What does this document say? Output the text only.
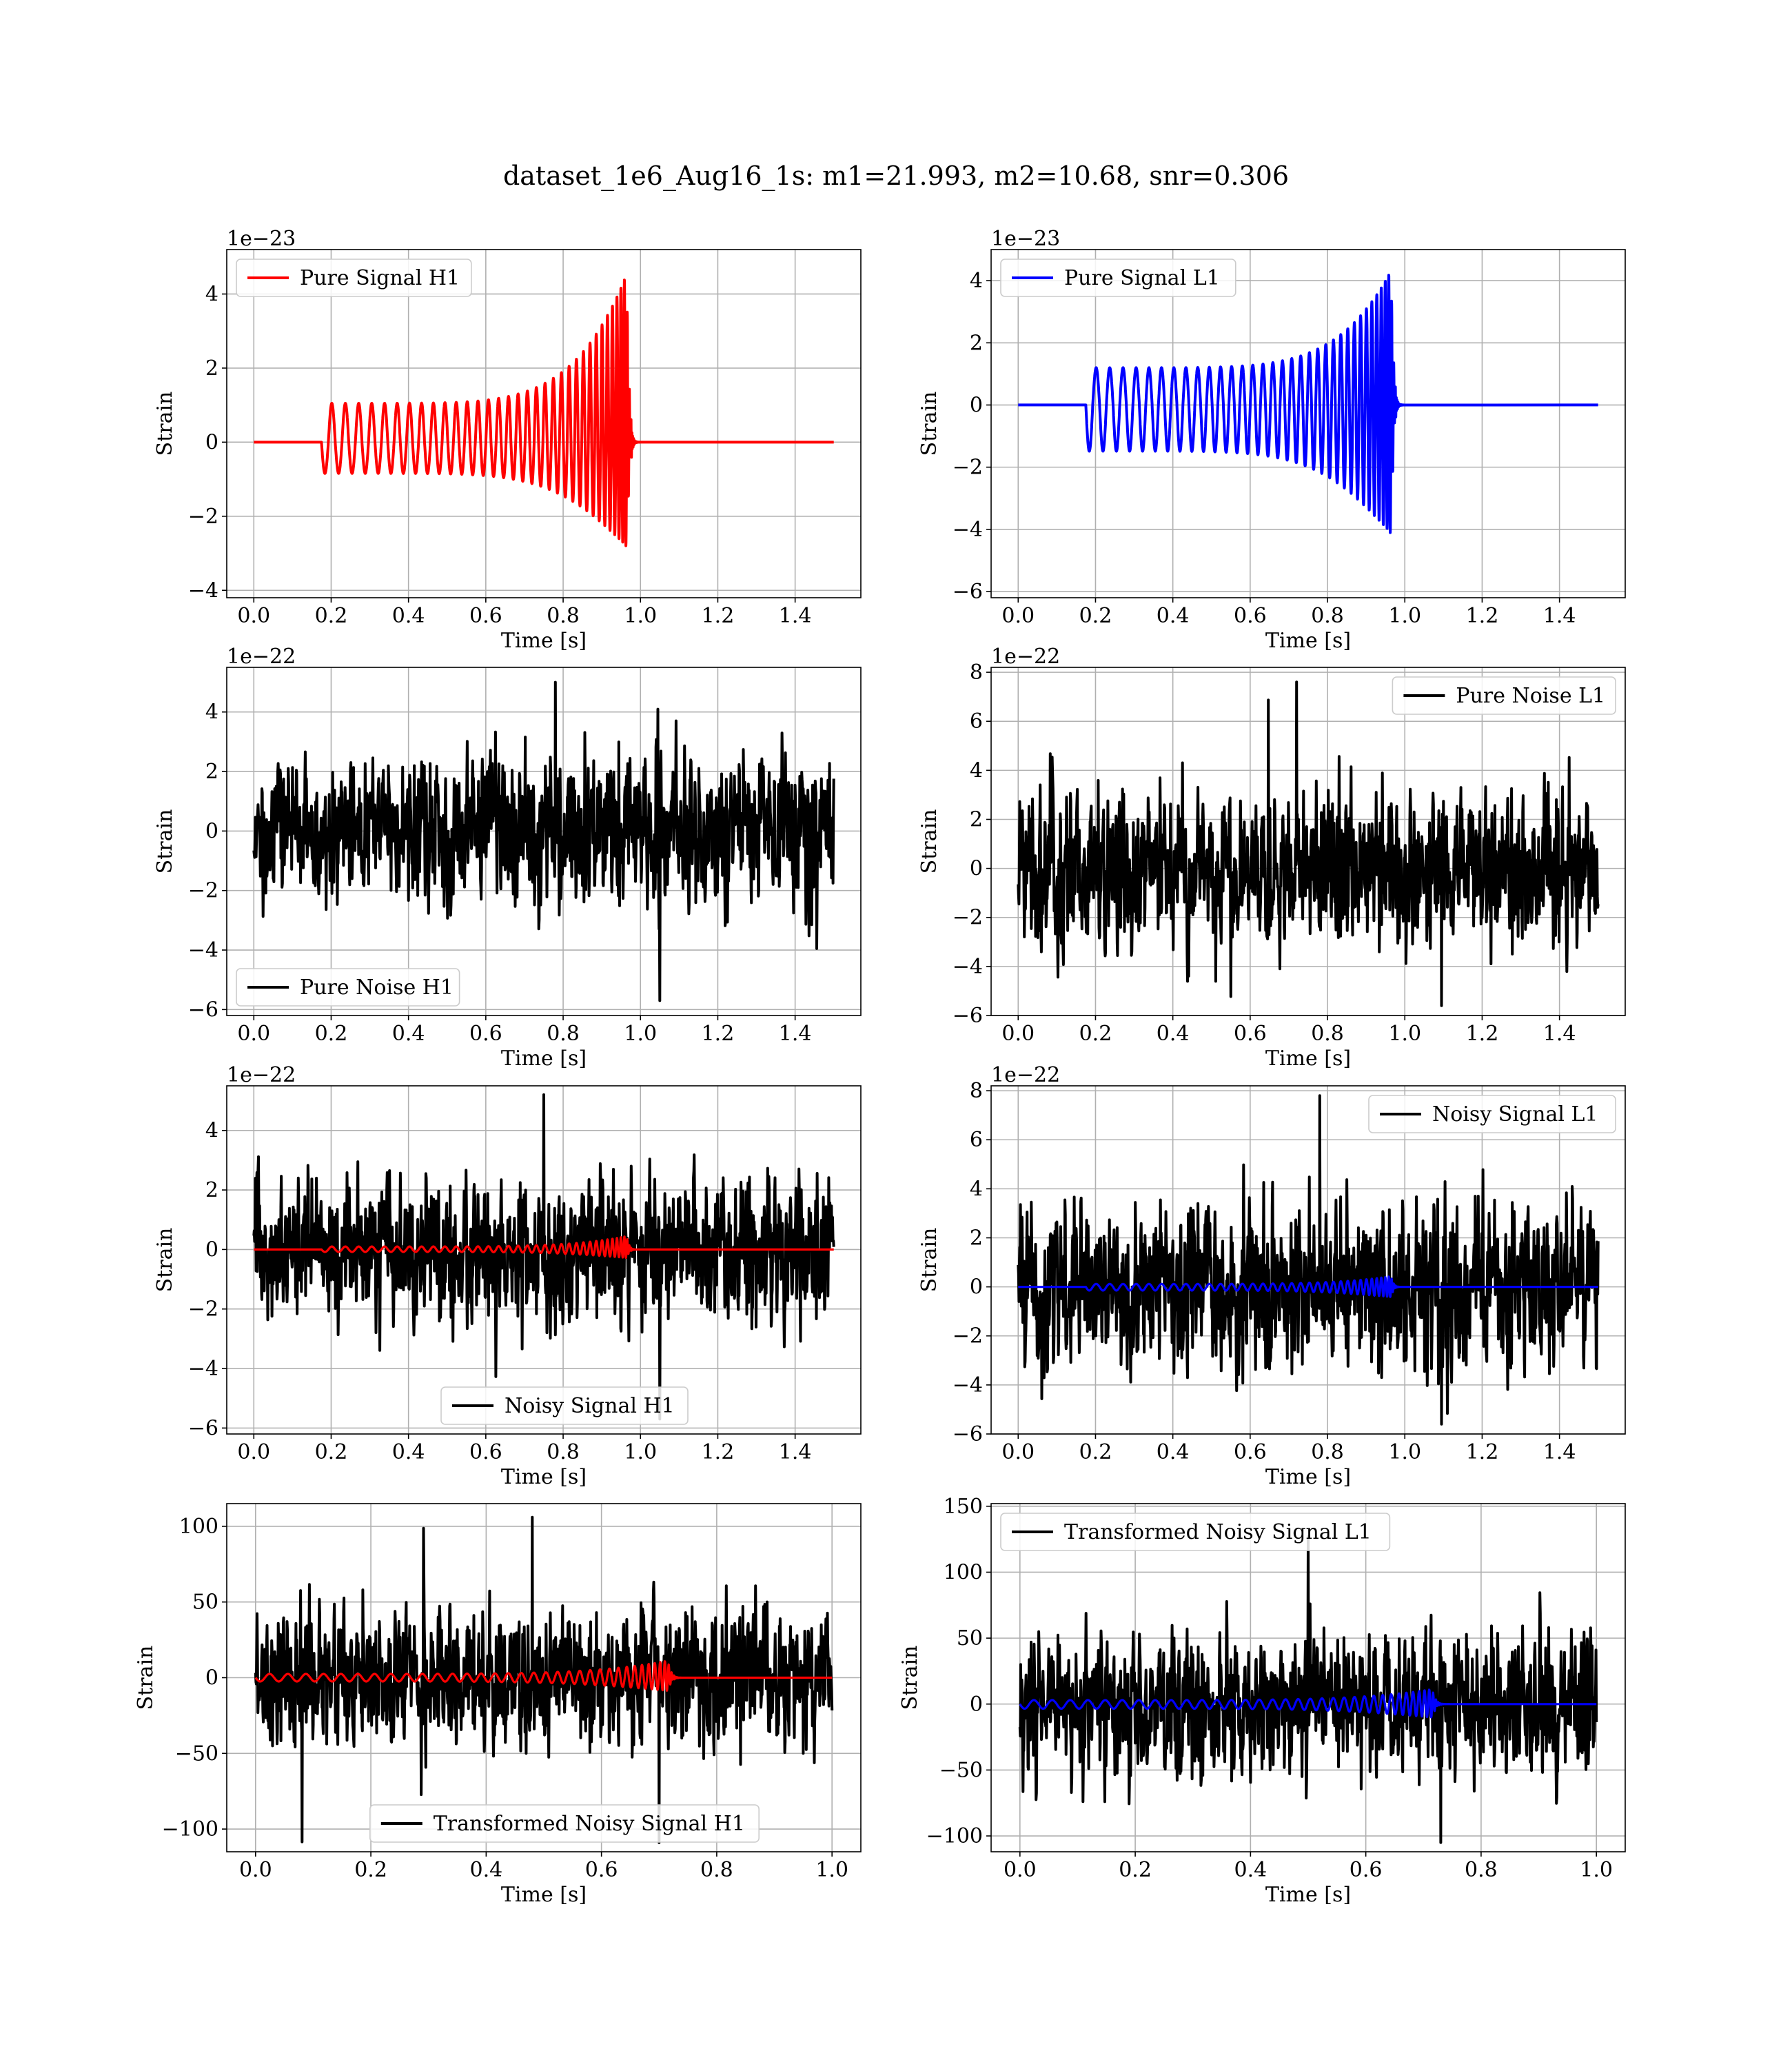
dataset_1e6_Aug16_1s: m1=21.993, m2=10.68, snr=0.306
0.0 0.2 0.4 0.6 0.8 1.0 1.2 1.4
−4
−2
0
2
4
Time [s]
Strain
1e−23
Pure Signal H1
0.0 0.2 0.4 0.6 0.8 1.0 1.2 1.4
−6
−4
−2
0
2
4
Time [s]
Strain
1e−23
Pure Signal L1
0.0 0.2 0.4 0.6 0.8 1.0 1.2 1.4
−6
−4
−2
0
2
4
Time [s]
Strain
1e−22
Pure Noise H1
0.0 0.2 0.4 0.6 0.8 1.0 1.2 1.4
−6
−4
−2
0
2
4
6
8
Time [s]
Strain
1e−22
Pure Noise L1
0.0 0.2 0.4 0.6 0.8 1.0 1.2 1.4
−6
−4
−2
0
2
4
Time [s]
Strain
1e−22
Noisy Signal H1
0.0 0.2 0.4 0.6 0.8 1.0 1.2 1.4
−6
−4
−2
0
2
4
6
8
Time [s]
Strain
1e−22
Noisy Signal L1
0.0	0.2	0.4	0.6	0.8	1.0
−100
−50
0
50
100
Time [s]
Strain
Transformed Noisy Signal H1
0.0	0.2	0.4	0.6	0.8	1.0
−100
−50
0
50
100
150
Time [s]
Strain
Transformed Noisy Signal L1
